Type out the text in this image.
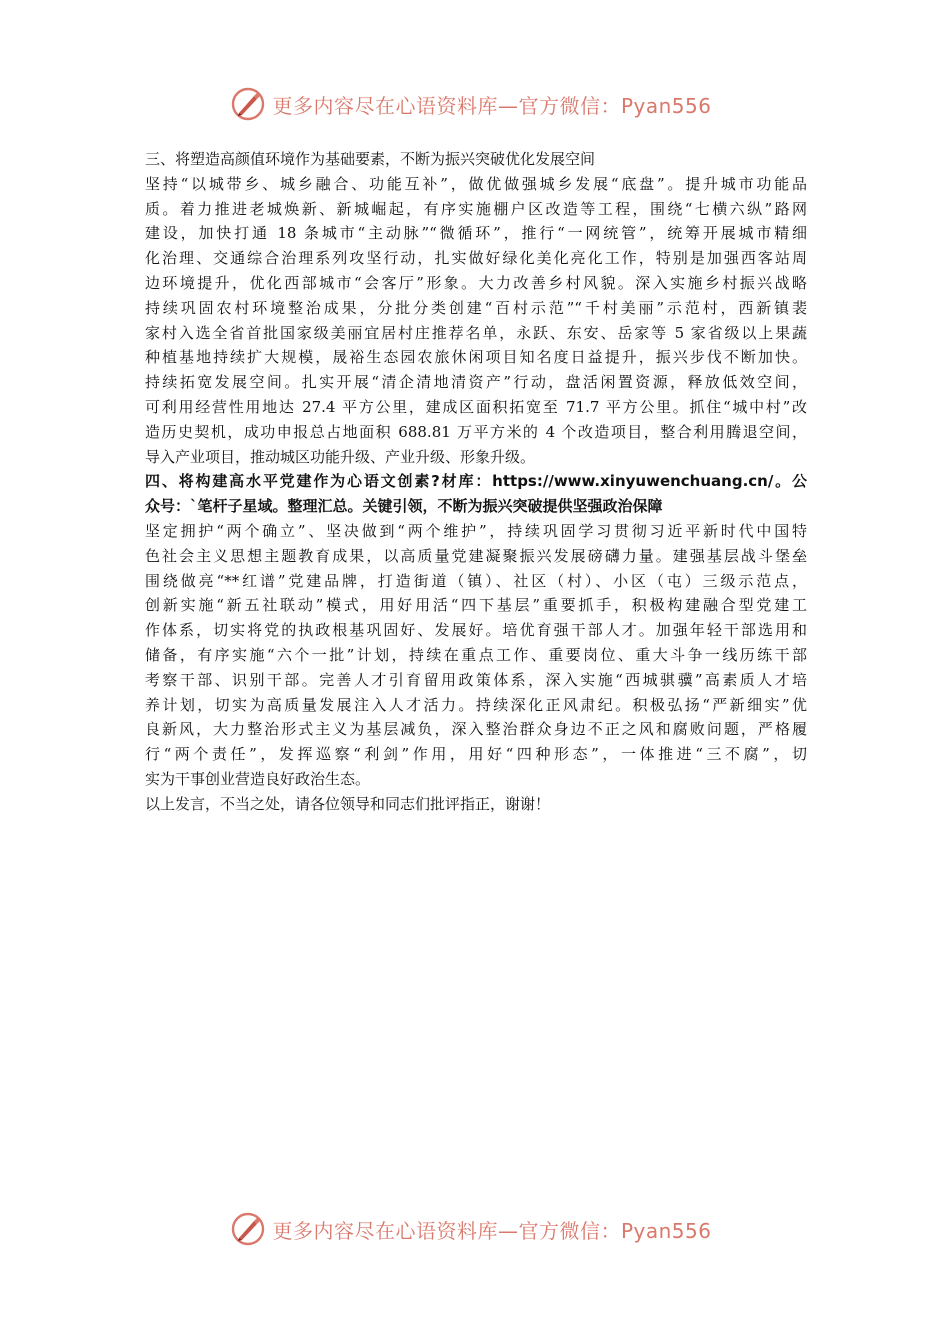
更多内容尽在心语资料库—官方微信：Pyan556
三、将塑造高颜值环境作为基础要素，不断为振兴突破优化发展空间
坚持“以城带乡、城乡融合、功能互补”，做优做强城乡发展“底盘”。提升城市功能品
质。着力推进老城焕新、新城崛起，有序实施棚户区改造等工程，围绕“七横六纵”路网
建设，加快打通 18 条城市“主动脉”“微循环”，推行“一网统管”，统筹开展城市精细
化治理、交通综合治理系列攻坚行动，扎实做好绿化美化亮化工作，特别是加强西客站周
边环境提升，优化西部城市“会客厅”形象。大力改善乡村风貌。深入实施乡村振兴战略
持续巩固农村环境整治成果，分批分类创建“百村示范”“千村美丽”示范村，西新镇裴
家村入选全省首批国家级美丽宜居村庄推荐名单，永跃、东安、岳家等 5 家省级以上果蔬
种植基地持续扩大规模，晟裕生态园农旅休闲项目知名度日益提升，振兴步伐不断加快。
持续拓宽发展空间。扎实开展“清企清地清资产”行动，盘活闲置资源，释放低效空间，
可利用经营性用地达 27.4 平方公里，建成区面积拓宽至 71.7 平方公里。抓住“城中村”改
造历史契机，成功申报总占地面积 688.81 万平方米的 4 个改造项目，整合利用腾退空间，
导入产业项目，推动城区功能升级、产业升级、形象升级。
四、将构建高水平党建作为心语文创素?材库：https://www.xinyuwenchuang.cn/。公
众号：`笔杆子星域。整理汇总。关键引领，不断为振兴突破提供坚强政治保障
坚定拥护“两个确立”、坚决做到“两个维护”，持续巩固学习贯彻习近平新时代中国特
色社会主义思想主题教育成果，以高质量党建凝聚振兴发展磅礴力量。建强基层战斗堡垒
围绕做亮“**红谱”党建品牌，打造街道（镇）、社区（村）、小区（屯）三级示范点，
创新实施“新五社联动”模式，用好用活“四下基层”重要抓手，积极构建融合型党建工
作体系，切实将党的执政根基巩固好、发展好。培优育强干部人才。加强年轻干部选用和
储备，有序实施“六个一批”计划，持续在重点工作、重要岗位、重大斗争一线历练干部
考察干部、识别干部。完善人才引育留用政策体系，深入实施“西城骐骥”高素质人才培
养计划，切实为高质量发展注入人才活力。持续深化正风肃纪。积极弘扬“严新细实”优
良新风，大力整治形式主义为基层减负，深入整治群众身边不正之风和腐败问题，严格履
行“两个责任”，发挥巡察“利剑”作用，用好“四种形态”，一体推进“三不腐”，切
实为干事创业营造良好政治生态。
以上发言，不当之处，请各位领导和同志们批评指正，谢谢！
更多内容尽在心语资料库—官方微信：Pyan556
